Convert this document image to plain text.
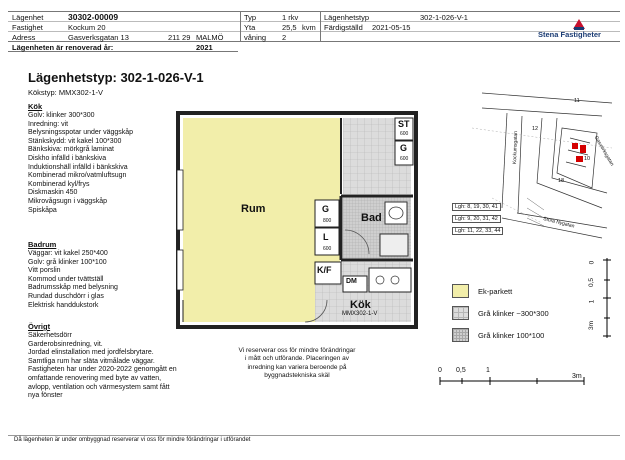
Lägenhet	30302-00009
Fastighet	Kockum 20
Adress	Gasverksgatan 13	211 29 MALMÖ
Typ	1 rkv
Yta	25,5 kvm
våning 2
Lägenhetstyp	302-1-026-V-1
Färdigställd 2021-05-15
Lägenheten är renoverad år:	2021
Stena Fastigheter
Lägenhetstyp: 302-1-026-V-1
Kökstyp: MMX302-1-V
Kök
Golv: klinker 300*300
Inredning: vit
Belysningsspotar under väggskåp
Stänkskydd: vit kakel 100*300
Bänkskiva: mörkgrå laminat
Diskho infälld i bänkskiva
Induktionshäll infälld i bänkskiva
Kombinerad mikro/vatmluftsugn
Kombinerad kyl/frys
Diskmaskin 450
Mikrovågsugn i väggskåp
Spiskåpa
Badrum
Väggar: vit kakel 250*400
Golv: grå klinker 100*100
Vitt porslin
Kommod under tvättställ
Badrumsskåp med belysning
Rundad duschdörr i glas
Elektrisk handdukstork
Övrigt
Säkerhetsdörr
Garderobsinredning, vit.
Jordad elinstallation med jordfelsbrytare.
Samtliga rum har släta vitmålade väggar.
Fastigheten har under 2020-2022 genomgått en
omfattande renovering med byte av vatten,
avlopp, ventilation och värmesystem samt fått
nya fönster
Rum
Bad
Kök
MMX302-1-V
ST
600
G
600
G
800
L
600
K/F
DM
Vi reserverar oss för mindre förändringar
i mått och utförande. Placeringen av
inredning kan variera beroende på
byggnadstekniska skäl
11
12
18
10
Kockumsgatan	Gasverksgatan
Stora Nygatan
Lgh: 8, 19, 30, 41
Lgh: 9, 20, 31, 42
Lgh: 11, 22, 33, 44
0
0,5
1
3m
Ek-parkett
Grå klinker ~300*300
Grå klinker 100*100
0 0,5	1
3m
Då lägenheten är under ombyggnad reserverar vi oss för mindre förändringar i utförandet
